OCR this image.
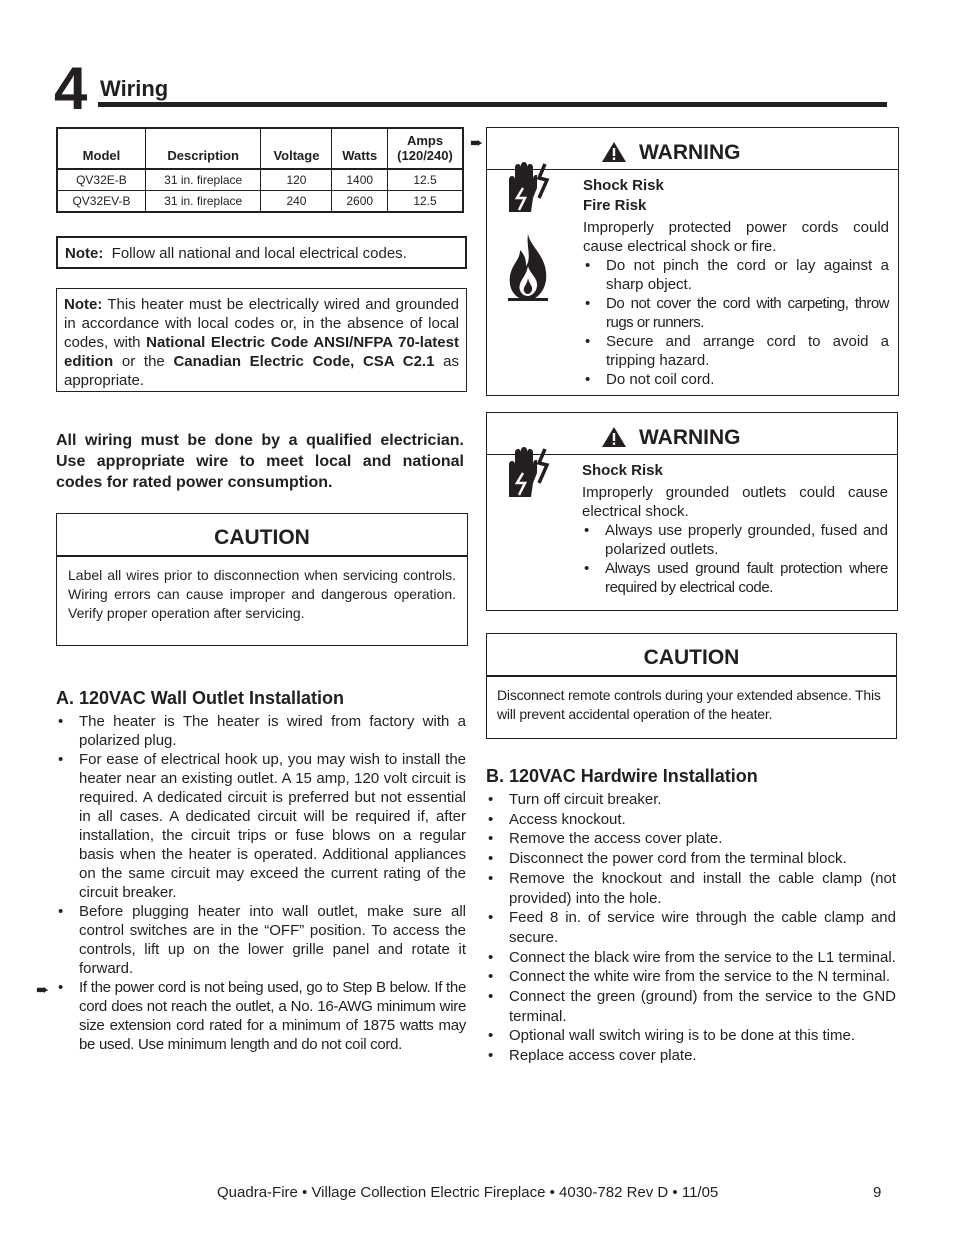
4 Wiring
Model	Description	Voltage	Watts	Amps (120/240)
QV32E-B	31 in. fireplace	120	1400	12.5
QV32EV-B	31 in. fireplace	240	2600	12.5
Note: Follow all national and local electrical codes.
Note: This heater must be electrically wired and grounded in accordance with local codes or, in the absence of local codes, with National Electric Code ANSI/NFPA 70-latest edition or the Canadian Electric Code, CSA C2.1 as appropriate.
All wiring must be done by a qualified electrician. Use appropriate wire to meet local and national codes for rated power consumption.
CAUTION
Label all wires prior to disconnection when servicing controls. Wiring errors can cause improper and dangerous operation. Verify proper operation after servicing.
➨
➨
WARNING
Shock Risk
Fire Risk

Improperly protected power cords could cause electrical shock or fire.

• Do not pinch the cord or lay against a sharp object.
• Do not cover the cord with carpeting, throw rugs or runners.
• Secure and arrange cord to avoid a tripping hazard.
• Do not coil cord.
WARNING
Shock Risk

Improperly grounded outlets could cause electrical shock.

• Always use properly grounded, fused and polarized outlets.
• Always used ground fault protection where required by electrical code.
CAUTION
Disconnect remote controls during your extended absence. This will prevent accidental operation of the heater.
A. 120VAC Wall Outlet Installation
• The heater is The heater is wired from factory with a polarized plug.
• For ease of electrical hook up, you may wish to install the heater near an existing outlet. A 15 amp, 120 volt circuit is required. A dedicated circuit is preferred but not essential in all cases. A dedicated circuit will be required if, after installation, the circuit trips or fuse blows on a regular basis when the heater is operated. Additional appliances on the same circuit may exceed the current rating of the circuit breaker.
• Before plugging heater into wall outlet, make sure all control switches are in the “OFF” position. To access the controls, lift up on the lower grille panel and rotate it forward.
• If the power cord is not being used, go to Step B below. If the cord does not reach the outlet, a No. 16-AWG minimum wire size extension cord rated for a minimum of 1875 watts may be used. Use minimum length and do not coil cord.
B. 120VAC Hardwire Installation
• Turn off circuit breaker.
• Access knockout.
• Remove the access cover plate.
• Disconnect the power cord from the terminal block.
• Remove the knockout and install the cable clamp (not provided) into the hole.
• Feed 8 in. of service wire through the cable clamp and secure.
• Connect the black wire from the service to the L1 terminal.
• Connect the white wire from the service to the N terminal.
• Connect the green (ground) from the service to the GND terminal.
• Optional wall switch wiring is to be done at this time.
• Replace access cover plate.
Quadra-Fire • Village Collection Electric Fireplace • 4030-782 Rev D • 11/05	9
